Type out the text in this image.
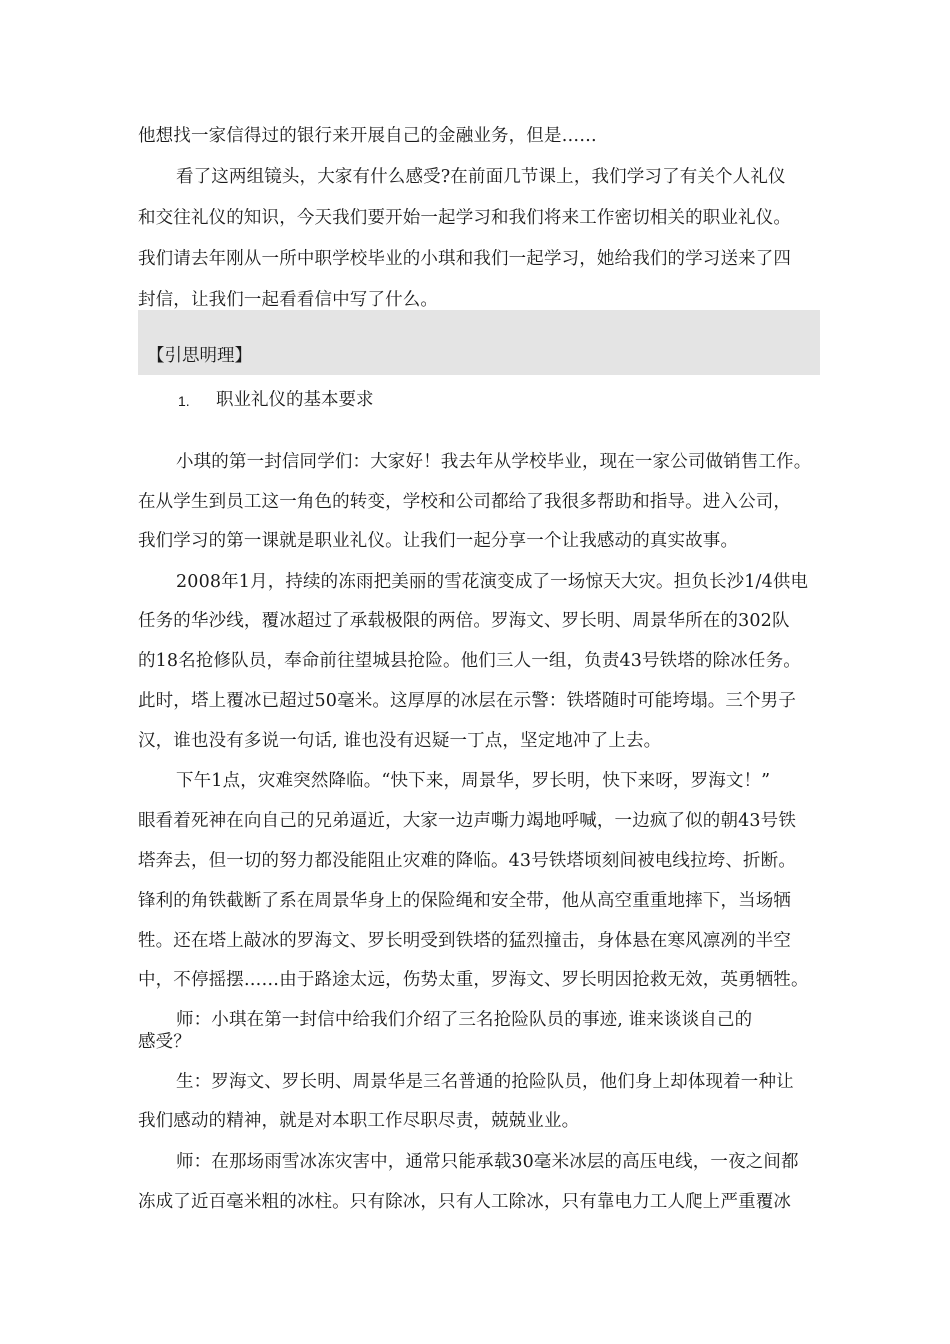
他想找一家信得过的银行来开展自己的金融业务，但是……
看了这两组镜头，大家有什么感受?在前面几节课上，我们学习了有关个人礼仪
和交往礼仪的知识，今天我们要开始一起学习和我们将来工作密切相关的职业礼仪。
我们请去年刚从一所中职学校毕业的小琪和我们一起学习，她给我们的学习送来了四
封信，让我们一起看看信中写了什么。
【引思明理】
1. 职业礼仪的基本要求
小琪的第一封信同学们：大家好！我去年从学校毕业，现在一家公司做销售工作。
在从学生到员工这一角色的转变，学校和公司都给了我很多帮助和指导。进入公司，
我们学习的第一课就是职业礼仪。让我们一起分享一个让我感动的真实故事。
2008年1月，持续的冻雨把美丽的雪花演变成了一场惊天大灾。担负长沙1/4供电
任务的华沙线，覆冰超过了承载极限的两倍。罗海文、罗长明、周景华所在的302队
的18名抢修队员，奉命前往望城县抢险。他们三人一组，负责43号铁塔的除冰任务。
此时，塔上覆冰已超过50毫米。这厚厚的冰层在示警：铁塔随时可能垮塌。三个男子
汉，谁也没有多说一句话, 谁也没有迟疑一丁点，坚定地冲了上去。
下午1点，灾难突然降临。“快下来，周景华，罗长明，快下来呀，罗海文！”
眼看着死神在向自己的兄弟逼近，大家一边声嘶力竭地呼喊，一边疯了似的朝43号铁
塔奔去，但一切的努力都没能阻止灾难的降临。43号铁塔顷刻间被电线拉垮、折断。
锋利的角铁截断了系在周景华身上的保险绳和安全带，他从高空重重地摔下，当场牺
牲。还在塔上敲冰的罗海文、罗长明受到铁塔的猛烈撞击，身体悬在寒风凛冽的半空
中，不停摇摆……由于路途太远，伤势太重，罗海文、罗长明因抢救无效，英勇牺牲。
师：小琪在第一封信中给我们介绍了三名抢险队员的事迹, 谁来谈谈自己的
感受？
生：罗海文、罗长明、周景华是三名普通的抢险队员，他们身上却体现着一种让
我们感动的精神，就是对本职工作尽职尽责，兢兢业业。
师：在那场雨雪冰冻灾害中，通常只能承载30毫米冰层的高压电线，一夜之间都
冻成了近百毫米粗的冰柱。只有除冰，只有人工除冰，只有靠电力工人爬上严重覆冰
